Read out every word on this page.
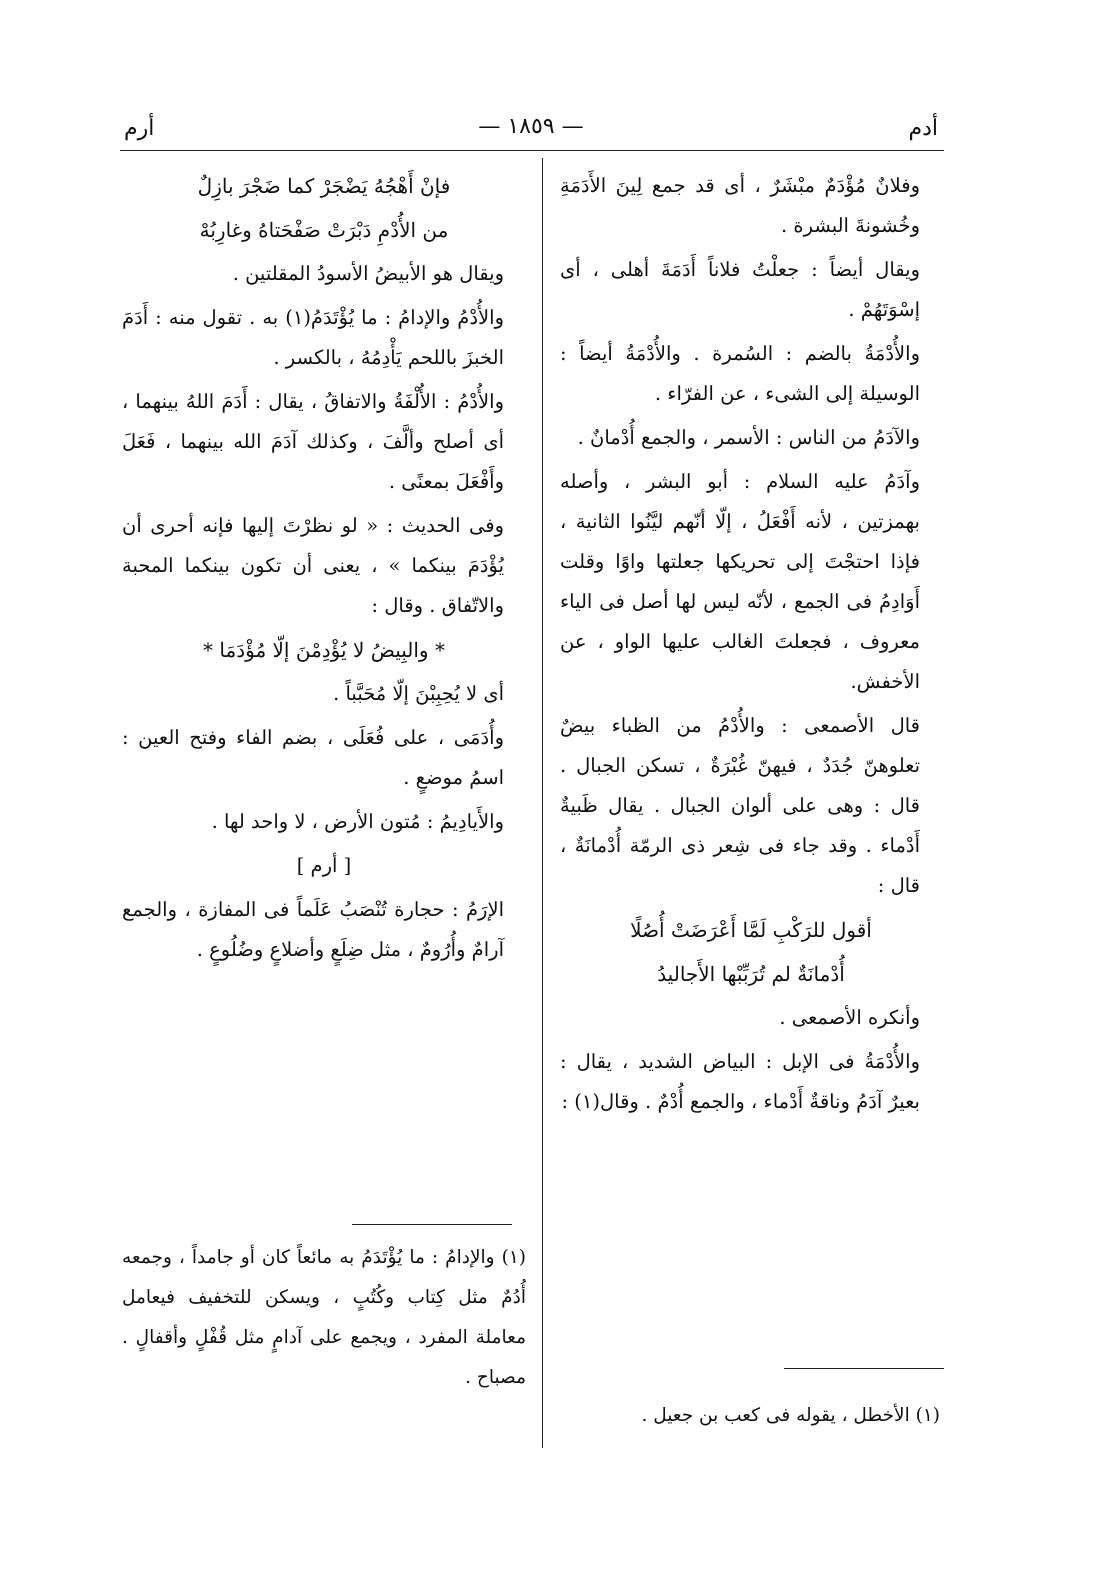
أدم
— ١٨٥٩ —
أرم

وفلانٌ مُؤْدَمٌ مبْشَرٌ ، أى قد جمع لِينَ الأَدَمَةِ وخُشونةَ البشرة .

ويقال أيضاً : جعلْتُ فلاناً أَدَمَةَ أهلى ، أى إسْوَتَهُمْ .

والأُدْمَةُ بالضم : السُمرة . والأُدْمَةُ أيضاً : الوسيلة إلى الشىء ، عن الفرّاء .

والآدَمُ من الناس : الأسمر ، والجمع أُدْمانٌ .

وآدَمُ عليه السلام : أبو البشر ، وأصله بهمزتين ، لأنه أَفْعَلُ ، إلّا أنّهم ليَّنُوا الثانية ، فإذا احتجْتَ إلى تحريكها جعلتها واوًا وقلت أَوَادِمُ فى الجمع ، لأنّه ليس لها أصل فى الياء معروف ، فجعلتَ الغالب عليها الواو ، عن الأخفش.

قال الأصمعى : والأُدْمُ من الظباء بيضٌ تعلوهنّ جُدَدٌ ، فيهنّ غُبْرَةٌ ، تسكن الجبال . قال : وهى على ألوان الجبال . يقال ظَبيةٌ أَدْماء . وقد جاء فى شِعر ذى الرمّة أُدْمانَةٌ ، قال :

أقول للرَكْبِ لَمَّا أَعْرَضَتْ أُصُلًا

أُدْمانَةٌ لم تُرَبِّبْها الأَجاليدُ

وأنكره الأصمعى .

والأُدْمَةُ فى الإبل : البياض الشديد ، يقال : بعيرٌ آدَمُ وناقةٌ أَدْماء ، والجمع أُدْمٌ . وقال(١) :

(١) الأخطل ، يقوله فى كعب بن جعيل .

فإنْ أَهْجُهُ يَضْجَرْ كما ضَجْرَ بازِلٌ

من الأُدْمِ دَبْرَتْ صَفْحَتاهُ وغارِبُهْ

ويقال هو الأبيضُ الأسودُ المقلتين .

والأُدْمُ والإدامُ : ما يُؤْتَدَمُ(١) به . تقول منه : أَدَمَ الخبزَ باللحم يَأْدِمُهُ ، بالكسر .

والأُدْمُ : الأُلْفَةُ والاتفاقُ ، يقال : أَدَمَ اللهُ بينهما ، أى أصلح وألَّفَ ، وكذلك آدَمَ الله بينهما ، فَعَلَ وأَفْعَلَ بمعنًى .

وفى الحديث : « لو نظرْتَ إليها فإنه أحرى أن يُؤْدَمَ بينكما » ، يعنى أن تكون بينكما المحبة والاتّفاق . وقال :

* والبِيضُ لا يُؤْدِمْنَ إلّا مُؤْدَمَا *

أى لا يُحِبِبْنَ إلّا مُحَبَّباً .

وأُدَمَى ، على فُعَلَى ، بضم الفاء وفتح العين : اسمُ موضعٍ .

والأَيادِيمُ : مُتون الأرض ، لا واحد لها .

[ أرم ]

الإرَمُ : حجارة تُنْصَبُ عَلَماً فى المفازة ، والجمع آرامٌ وأُرُومٌ ، مثل ضِلَعٍ وأضلاعٍ وضُلُوعٍ .

(١) والإدامُ : ما يُؤْتَدَمُ به مائعاً كان أو جامداً ، وجمعه أُدُمٌ مثل كِتاب وكُتُبٍ ، ويسكن للتخفيف فيعامل معاملة المفرد ، ويجمع على آدامٍ مثل قُفْلٍ وأقفالٍ . مصباح .
